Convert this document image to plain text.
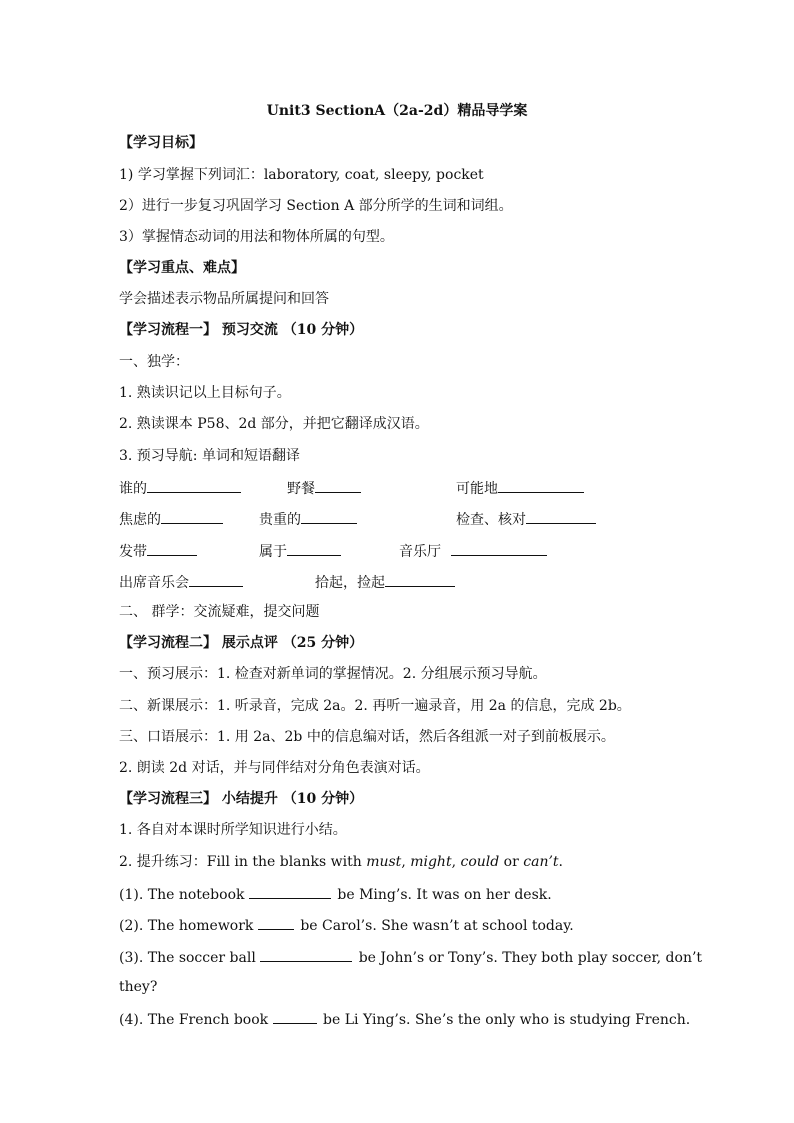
Unit3 SectionA（2a-2d）精品导学案
【学习目标】
1) 学习掌握下列词汇：laboratory, coat, sleepy, pocket
2）进行一步复习巩固学习 Section A 部分所学的生词和词组。
3）掌握情态动词的用法和物体所属的句型。
【学习重点、难点】
学会描述表示物品所属提问和回答
【学习流程一】 预习交流 （10 分钟）
一、独学：
1. 熟读识记以上目标句子。
2. 熟读课本 P58、2d 部分，并把它翻译成汉语。
3. 预习导航: 单词和短语翻译
谁的	野餐	可能地
焦虑的	贵重的	检查、核对
发带	属于	音乐厅
出席音乐会	拾起，捡起
二、 群学：交流疑难，提交问题
【学习流程二】 展示点评 （25 分钟）
一、预习展示：1. 检查对新单词的掌握情况。2. 分组展示预习导航。
二、新课展示：1. 听录音，完成 2a。2. 再听一遍录音，用 2a 的信息，完成 2b。
三、口语展示：1. 用 2a、2b 中的信息编对话，然后各组派一对子到前板展示。
2. 朗读 2d 对话，并与同伴结对分角色表演对话。
【学习流程三】 小结提升 （10 分钟）
1. 各自对本课时所学知识进行小结。
2. 提升练习：Fill in the blanks with must, might, could or can’t.
(1). The notebook	be Ming’s. It was on her desk.
(2). The homework	be Carol’s. She wasn’t at school today.
(3). The soccer ball	be John’s or Tony’s. They both play soccer, don’t
they?
(4). The French book	be Li Ying’s. She’s the only who is studying French.
